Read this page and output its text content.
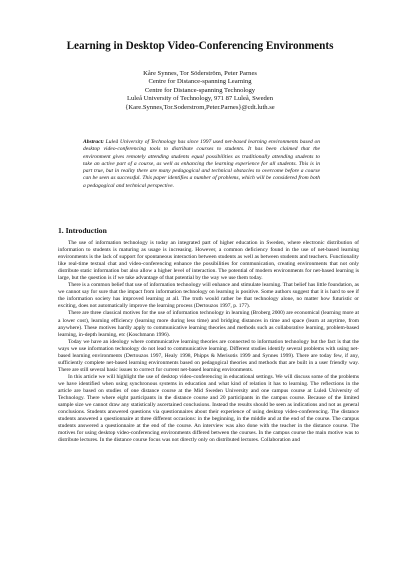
Learning in Desktop Video-Conferencing Environments
Kåre Synnes, Tor Söderström, Peter Parnes
Centre for Distance-spanning Learning
Centre for Distance-spanning Technology
Luleå University of Technology, 971 87 Luleå, Sweden
{Kare.Synnes,Tor.Soderstrom,Peter.Parnes}@cdt.luth.se
Abstract: Luleå University of Technology has since 1997 used net-based learning environments based on desktop video-conferencing tools to distribute courses to students. It has been claimed that the environment gives remotely attending students equal possibilities as traditionally attending students to take an active part of a course, as well as enhancing the learning experience for all students. This is in part true, but in reality there are many pedagogical and technical obstacles to overcome before a course can be seen as successful. This paper identifies a number of problems, which will be considered from both a pedagogical and technical perspective.
1. Introduction

The use of information technology is today an integrated part of higher education in Sweden, where electronic distribution of information to students is maturing as usage is increasing. However, a common deficiency found in the use of net-based learning environments is the lack of support for spontaneous interaction between students as well as between students and teachers. Functionality like real-time textual chat and video-conferencing enhance the possibilities for communication, creating environments that not only distribute static information but also allow a higher level of interaction. The potential of modern environments for net-based learning is large, but the question is if we take advantage of that potential by the way we use them today.

There is a common belief that use of information technology will enhance and stimulate learning. That belief has little foundation, as we cannot say for sure that the impact from information technology on learning is positive. Some authors suggest that it is hard to see if the information society has improved learning at all. The truth would rather be that technology alone, no matter how futuristic or exciting, does not automatically improve the learning process (Dertouzos 1997, p. 177).

There are three classical motives for the use of information technology in learning (Broberg 2000) are economical (learning more at a lower cost), learning efficiency (learning more during less time) and bridging distances in time and space (learn at anytime, from anywhere). These motives hardly apply to communicative learning theories and methods such as collaborative learning, problem-based learning, in-depth learning, etc (Koschmann 1996).

Today we have an ideology where communicative learning theories are connected to information technology but the fact is that the ways we use information technology do not lead to communicative learning. Different studies identify several problems with using net-based learning environments (Dertouzos 1997, Healy 1998, Phipps & Merisotis 1999 and Synnes 1999). There are today few, if any, sufficiently complete net-based learning environments based on pedagogical theories and methods that are built in a user friendly way. There are still several basic issues to correct for current net-based learning environments.

In this article we will highlight the use of desktop video-conferencing in educational settings. We will discuss some of the problems we have identified when using synchronous systems in education and what kind of relation it has to learning. The reflections in the article are based on studies of one distance course at the Mid Sweden University and one campus course at Luleå University of Technology. There where eight participants in the distance course and 20 participants in the campus course. Because of the limited sample size we cannot draw any statistically ascertained conclusions. Instead the results should be seen as indications and not as general conclusions. Students answered questions via questionnaires about their experience of using desktop video-conferencing. The distance students answered a questionnaire at three different occasions: in the beginning, in the middle and at the end of the course. The campus students answered a questionnaire at the end of the course. An interview was also done with the teacher in the distance course. The motives for using desktop video-conferencing environments differed between the courses. In the campus course the main motive was to distribute lectures. In the distance course focus was not directly only on distributed lectures. Collaboration and
